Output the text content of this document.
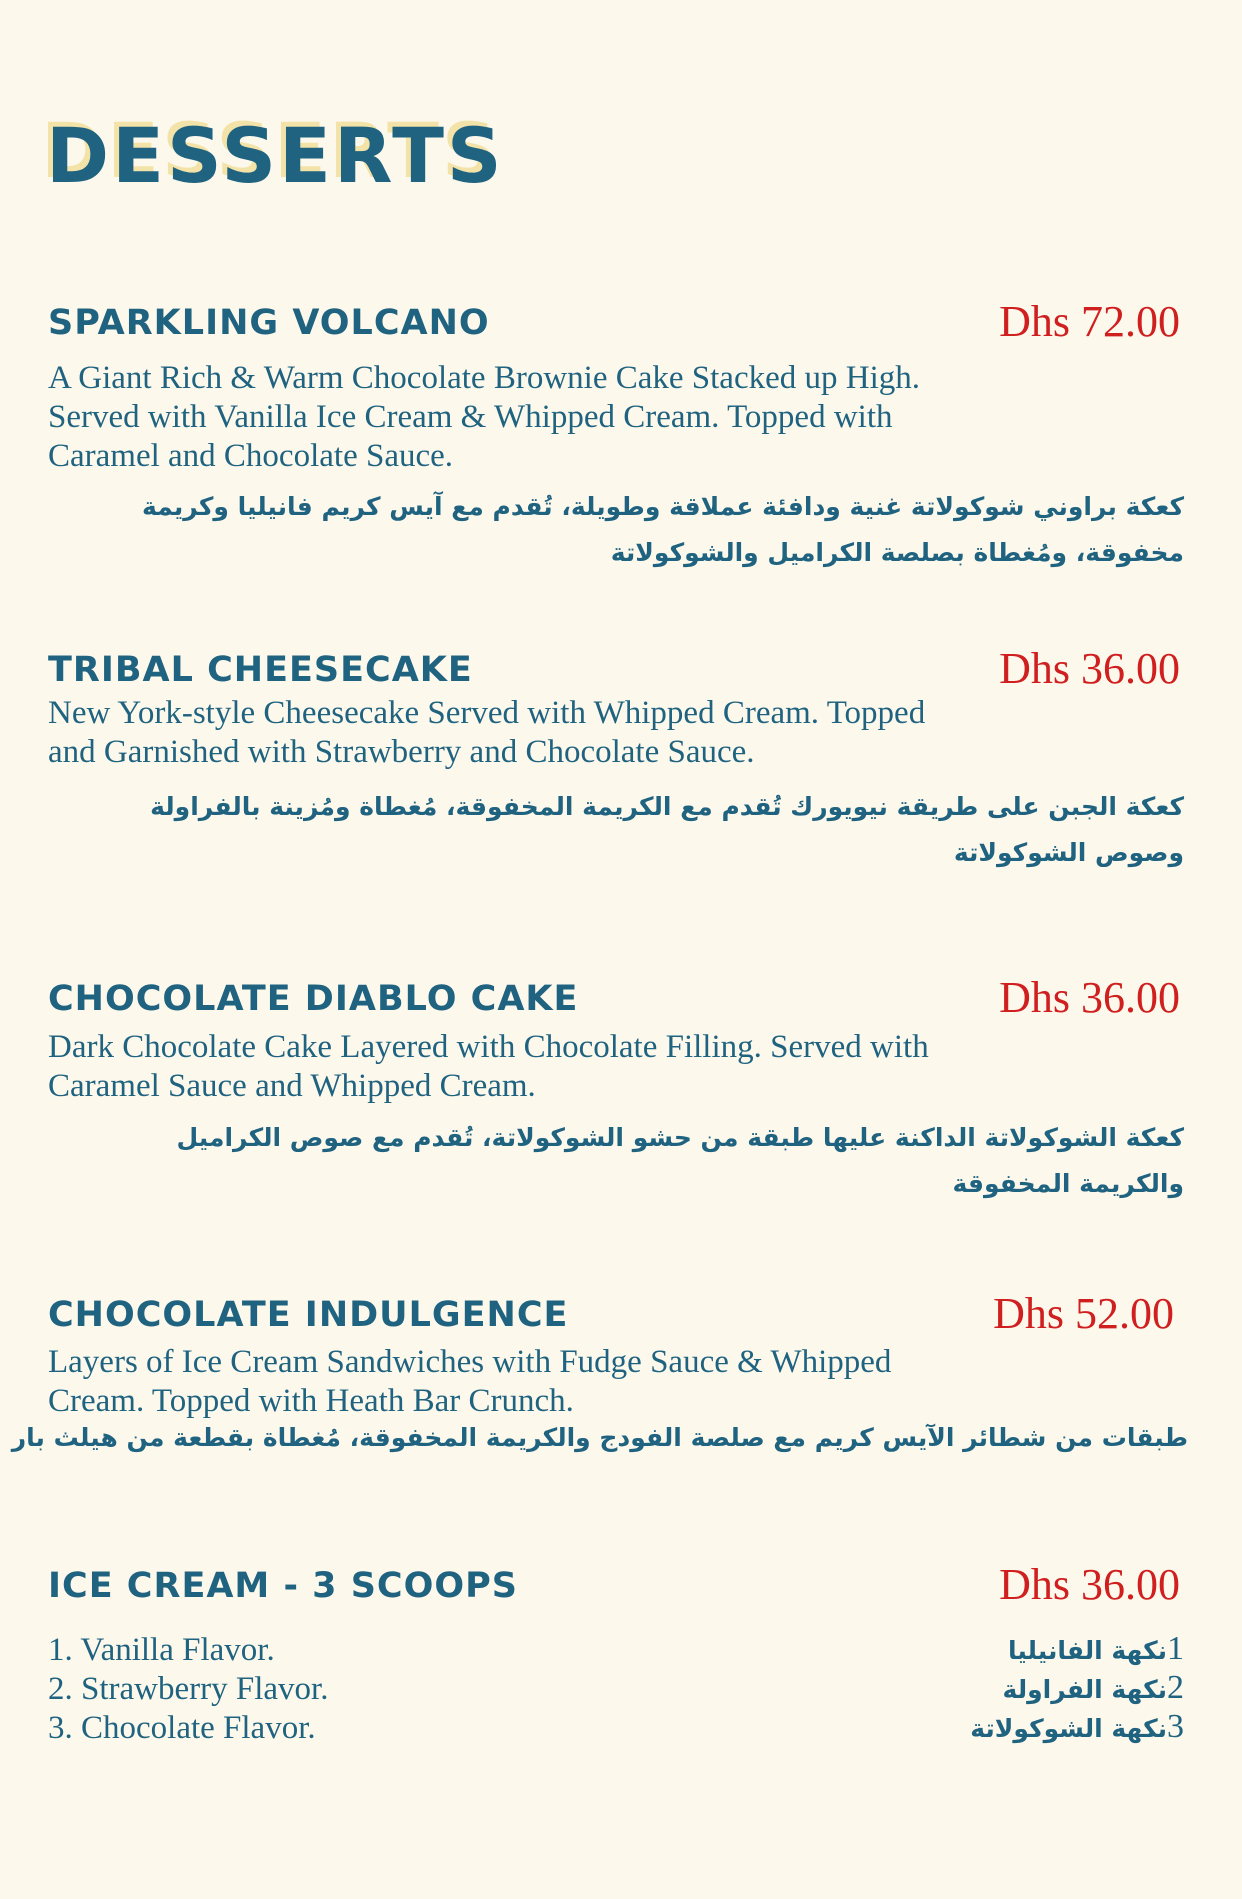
DESSERTS
SPARKLING VOLCANO	Dhs 72.00
A Giant Rich & Warm Chocolate Brownie Cake Stacked up High.
Served with Vanilla Ice Cream & Whipped Cream. Topped with
Caramel and Chocolate Sauce.
كعكة براوني شوكولاتة غنية ودافئة عملاقة وطويلة، تُقدم مع آيس كريم فانيليا وكريمة
مخفوقة، ومُغطاة بصلصة الكراميل والشوكولاتة
TRIBAL CHEESECAKE	Dhs 36.00
New York-style Cheesecake Served with Whipped Cream. Topped
and Garnished with Strawberry and Chocolate Sauce.
كعكة الجبن على طريقة نيويورك تُقدم مع الكريمة المخفوقة، مُغطاة ومُزينة بالفراولة
وصوص الشوكولاتة
CHOCOLATE DIABLO CAKE	Dhs 36.00
Dark Chocolate Cake Layered with Chocolate Filling. Served with
Caramel Sauce and Whipped Cream.
كعكة الشوكولاتة الداكنة عليها طبقة من حشو الشوكولاتة، تُقدم مع صوص الكراميل
والكريمة المخفوقة
CHOCOLATE INDULGENCE	Dhs 52.00
Layers of Ice Cream Sandwiches with Fudge Sauce & Whipped
Cream. Topped with Heath Bar Crunch.
طبقات من شطائر الآيس كريم مع صلصة الفودج والكريمة المخفوقة، مُغطاة بقطعة من هيلث بار
ICE CREAM - 3 SCOOPS	Dhs 36.00
1. Vanilla Flavor.
2. Strawberry Flavor.
3. Chocolate Flavor.
1نكهة الفانيليا
2نكهة الفراولة
3نكهة الشوكولاتة
